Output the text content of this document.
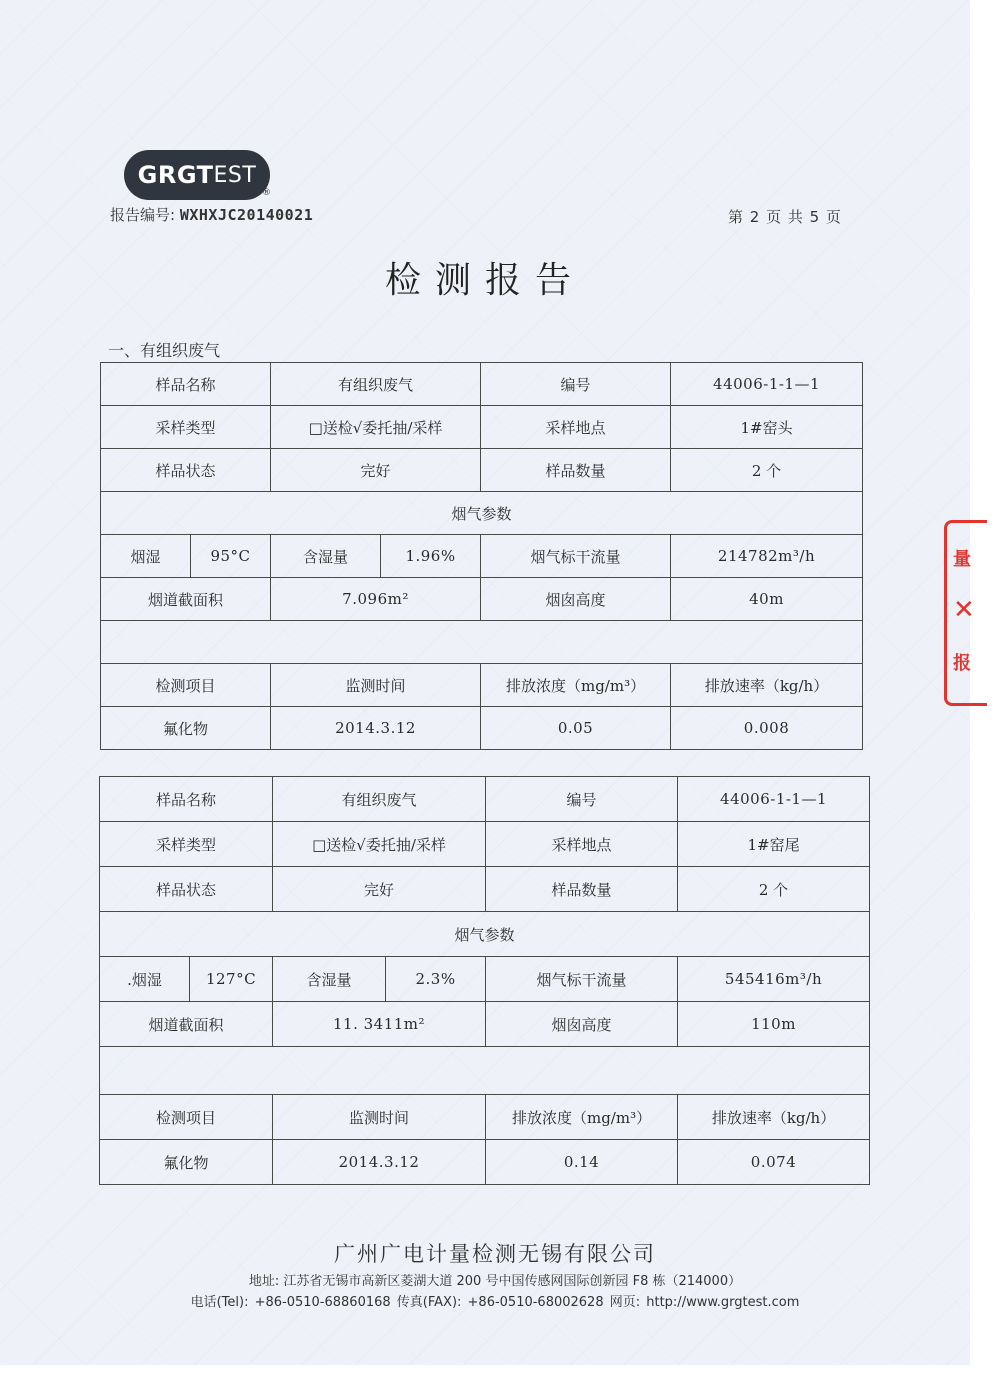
GRGT EST
®
报告编号: WXHXJC20140021	第 2 页 共 5 页
检测报告
一、有组织废气
样品名称		有组织废气		编号	44006-1-1—1
采样类型		□送检√委托抽/采样		采样地点	1#窑头
样品状态		完好		样品数量	2 个
烟气参数					
烟湿	95°C	含湿量	1.96%	烟气标干流量	214782m³/h
烟道截面积		7.096m²		烟囱高度	40m

检测项目		监测时间		排放浓度（mg/m³）	排放速率（kg/h）
氟化物		2014.3.12		0.05	0.008
样品名称		有组织废气		编号	44006-1-1—1
采样类型		□送检√委托抽/采样		采样地点	1#窑尾
样品状态		完好		样品数量	2 个
烟气参数					
.烟湿	127°C	含湿量	2.3%	烟气标干流量	545416m³/h
烟道截面积		11. 3411m²		烟囱高度	110m

检测项目		监测时间		排放浓度（mg/m³）	排放速率（kg/h）
氟化物		2014.3.12		0.14	0.074
广州广电计量检测无锡有限公司
地址: 江苏省无锡市高新区菱湖大道 200 号中国传感网国际创新园 F8 栋（214000）
电话(Tel): +86-0510-68860168 传真(FAX): +86-0510-68002628 网页: http://www.grgtest.com
量
✕
报
